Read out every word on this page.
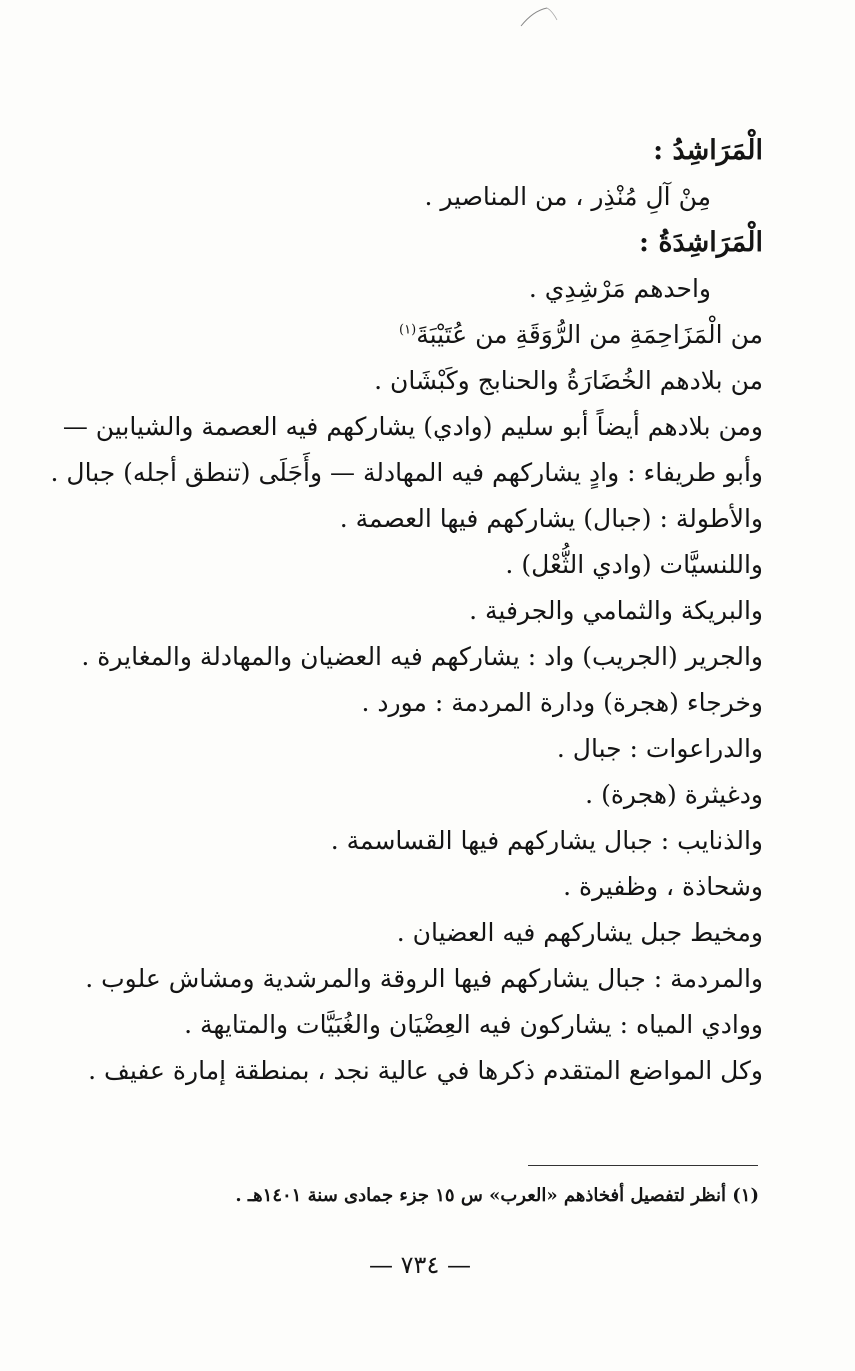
الْمَرَاشِدُ :
مِنْ آلِ مُنْذِر ، من المناصير .
الْمَرَاشِدَةُ :
واحدهم مَرْشِدِي .
من الْمَزَاحِمَةِ من الرُّوَقَةِ من عُتَيْبَةَ$^{(١)}$
من بلادهم الخُضَارَةُ والحنابج وكَبْشَان .
ومن بلادهم أيضاً أبو سليم (وادي) يشاركهم فيه العصمة والشيابين —
وأبو طريفاء : وادٍ يشاركهم فيه المهادلة — وأَجَلَى (تنطق أجله) جبال .
والأطولة : (جبال) يشاركهم فيها العصمة .
واللنسيَّات (وادي الثُّعْل) .
والبريكة والثمامي والجرفية .
والجرير (الجريب) واد : يشاركهم فيه العضيان والمهادلة والمغايرة .
وخرجاء (هجرة) ودارة المردمة : مورد .
والدراعوات : جبال .
ودغيثرة (هجرة) .
والذنايب : جبال يشاركهم فيها القساسمة .
وشحاذة ، وظفيرة .
ومخيط جبل يشاركهم فيه العضيان .
والمردمة : جبال يشاركهم فيها الروقة والمرشدية ومشاش علوب .
ووادي المياه : يشاركون فيه العِضْيَان والغُبَيَّات والمتايهة .
وكل المواضع المتقدم ذكرها في عالية نجد ، بمنطقة إمارة عفيف .
(١) أنظر لتفصيل أفخاذهم «العرب» س ١٥ جزء جمادى سنة ١٤٠١هـ .
— ٧٣٤ —
